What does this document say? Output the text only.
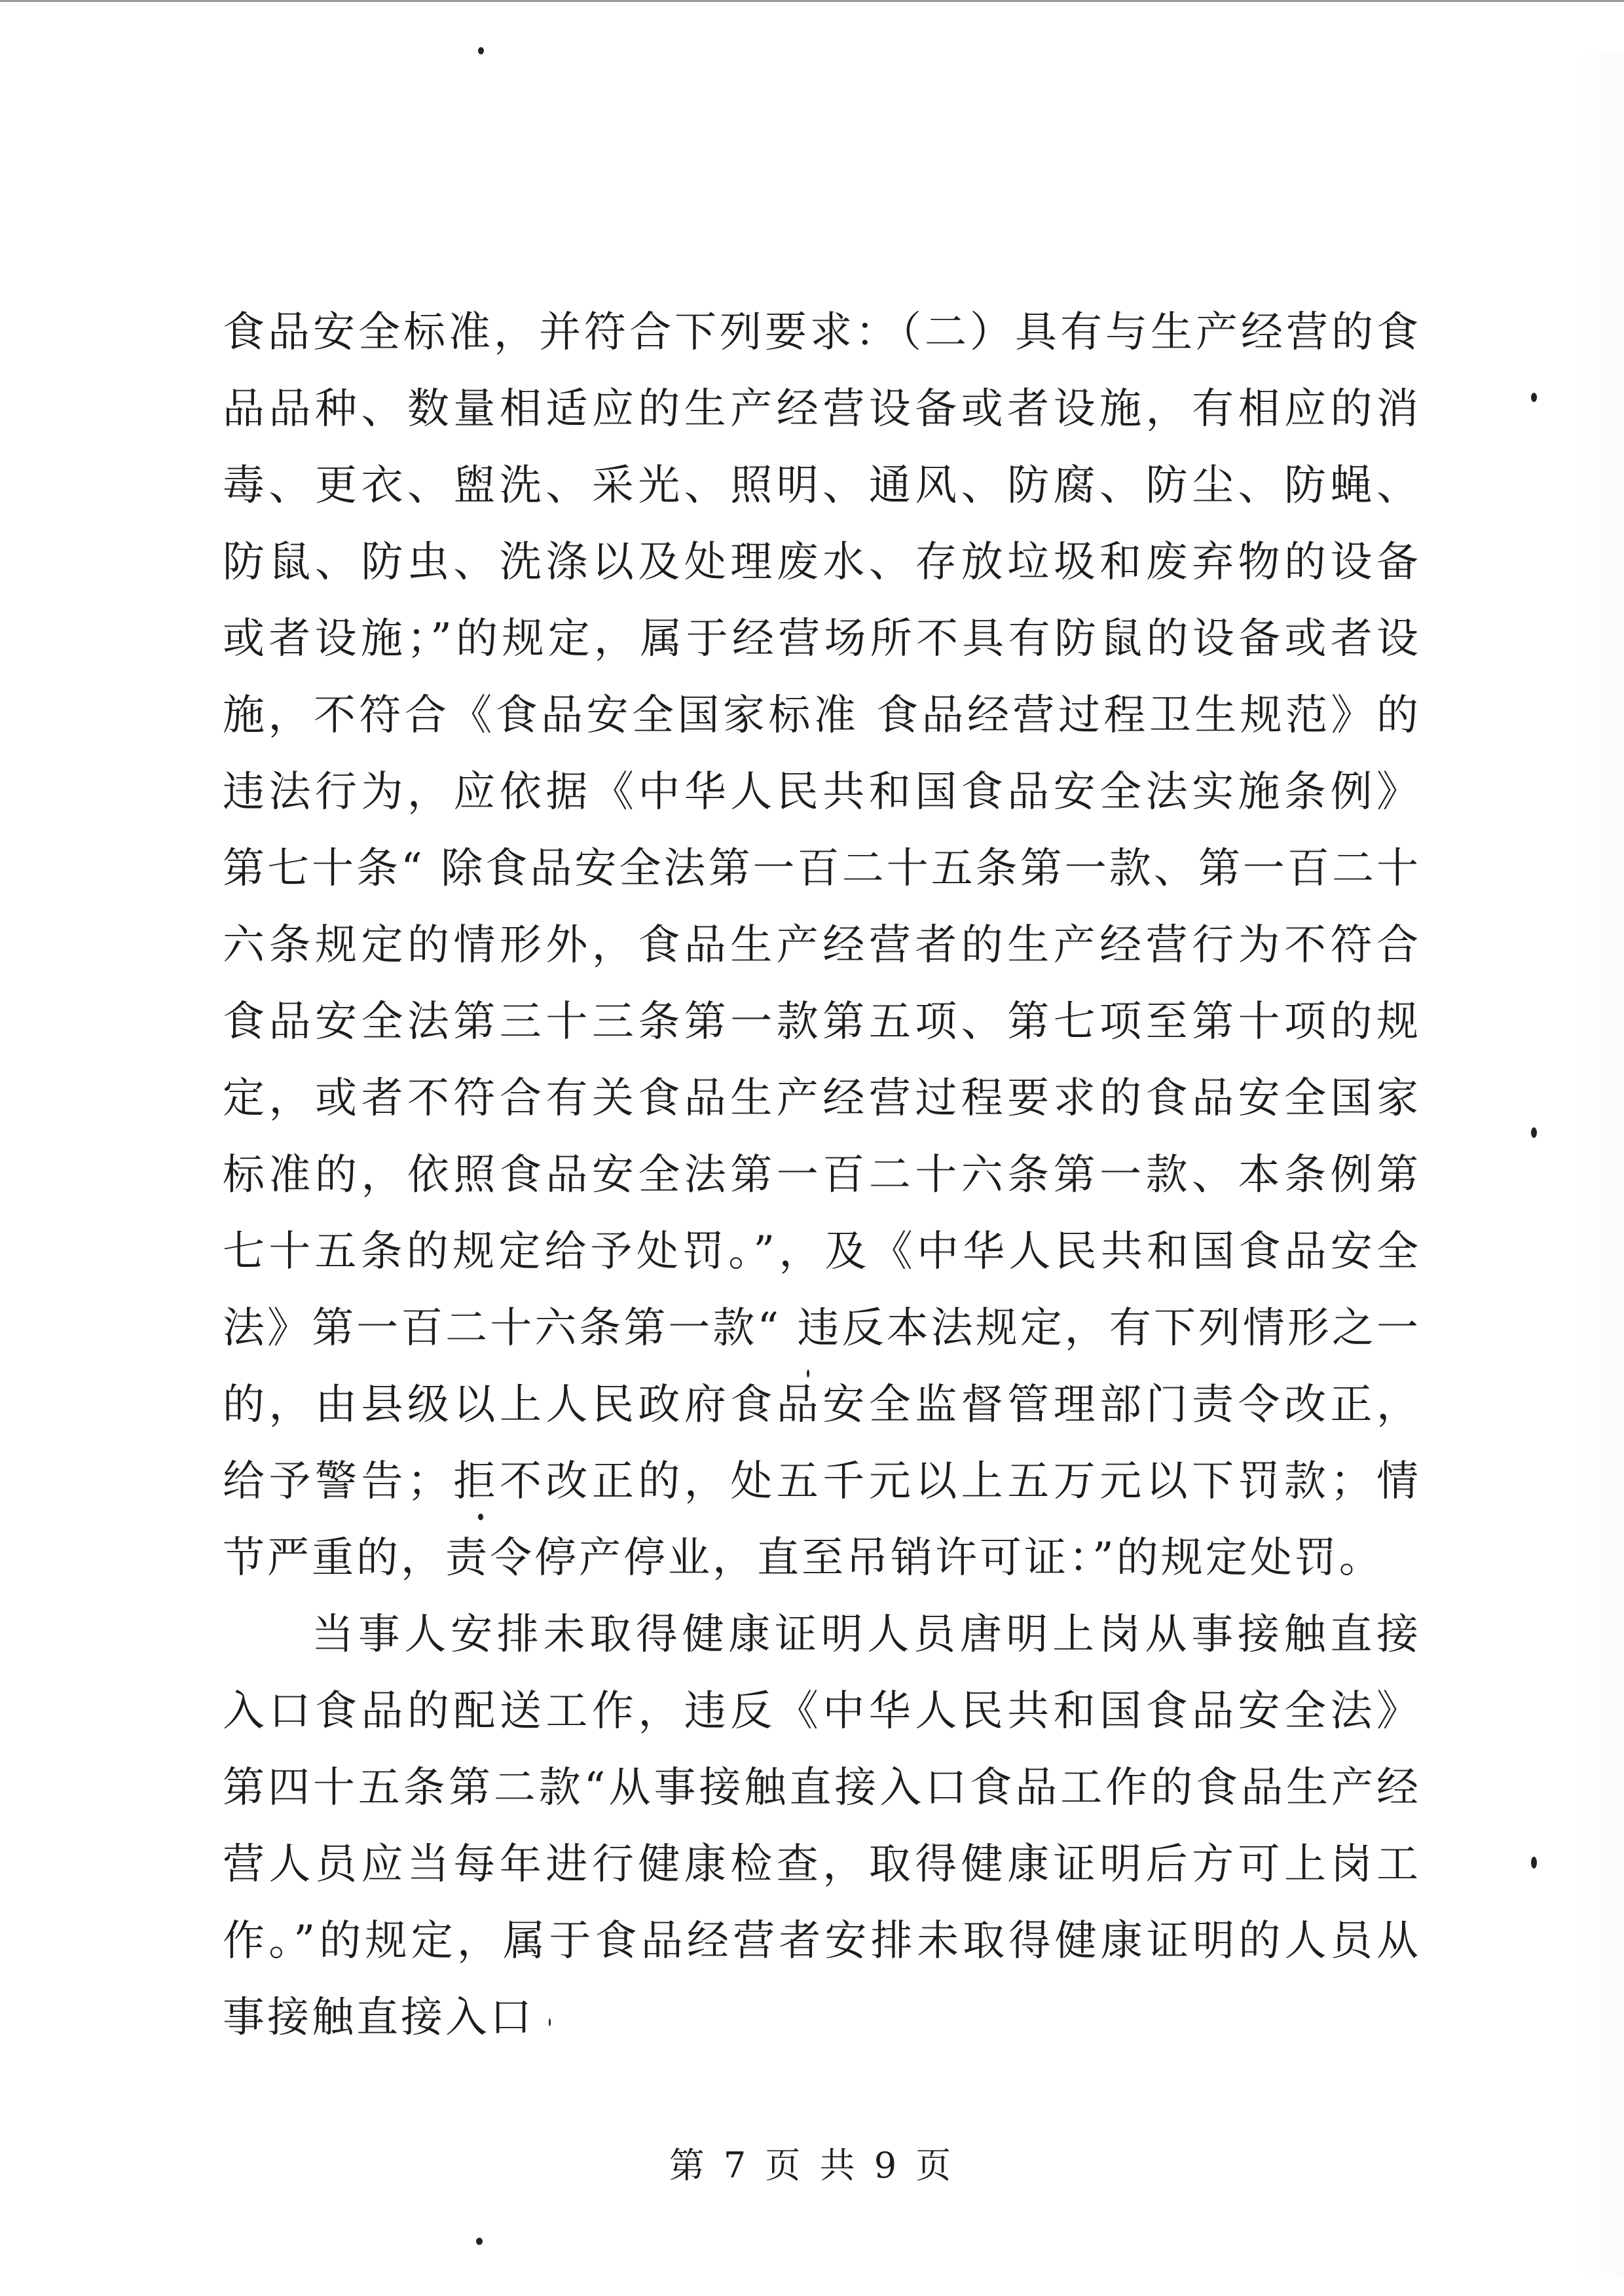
食品安全标准，并符合下列要求：（二）具有与生产经营的食品品种、数量相适应的生产经营设备或者设施，有相应的消毒、更衣、盥洗、采光、照明、通风、防腐、防尘、防蝇、防鼠、防虫、洗涤以及处理废水、存放垃圾和废弃物的设备或者设施；”的规定，属于经营场所不具有防鼠的设备或者设施，不符合《食品安全国家标准 食品经营过程卫生规范》的违法行为，应依据《中华人民共和国食品安全法实施条例》第七十条“ 除食品安全法第一百二十五条第一款、第一百二十六条规定的情形外，食品生产经营者的生产经营行为不符合食品安全法第三十三条第一款第五项、第七项至第十项的规定，或者不符合有关食品生产经营过程要求的食品安全国家标准的，依照食品安全法第一百二十六条第一款、本条例第七十五条的规定给予处罚。”，及《中华人民共和国食品安全法》第一百二十六条第一款“ 违反本法规定，有下列情形之一的，由县级以上人民政府食品安全监督管理部门责令改正，给予警告；拒不改正的，处五千元以上五万元以下罚款；情节严重的，责令停产停业，直至吊销许可证：”的规定处罚。

当事人安排未取得健康证明人员唐明上岗从事接触直接入口食品的配送工作，违反《中华人民共和国食品安全法》第四十五条第二款“从事接触直接入口食品工作的食品生产经营人员应当每年进行健康检查，取得健康证明后方可上岗工作。”的规定，属于食品经营者安排未取得健康证明的人员从事接触直接入口

第 7 页 共 9 页
